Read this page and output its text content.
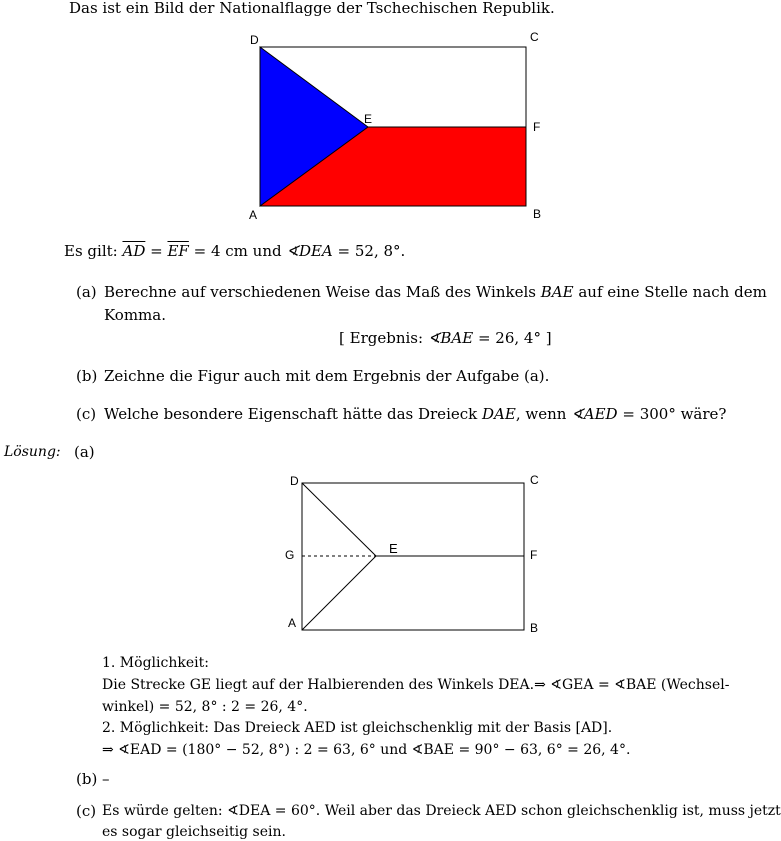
Das ist ein Bild der Nationalflagge der Tschechischen Republik.
D	C
E
F
A	B
Es gilt: $\overline{AD} = \overline{EF} = 4$ cm und ∢DEA = 52, 8°.
(a) Berechne auf verschiedenen Weise das Maß des Winkels BAE auf eine Stelle nach dem
Komma.
[ Ergebnis: ∢BAE = 26, 4° ]
(b) Zeichne die Figur auch mit dem Ergebnis der Aufgabe (a).
(c) Welche besondere Eigenschaft hätte das Dreieck DAE, wenn ∢AED = 300° wäre?
Lösung: (a)
D	C
G	E	F
A	B
1. Möglichkeit:
Die Strecke GE liegt auf der Halbierenden des Winkels DEA.⇒ ∢GEA = ∢BAE (Wechsel-
winkel) = 52, 8° : 2 = 26, 4°.
2. Möglichkeit: Das Dreieck AED ist gleichschenklig mit der Basis [AD].
⇒ ∢EAD = (180° − 52, 8°) : 2 = 63, 6° und ∢BAE = 90° − 63, 6° = 26, 4°.
(b) –
(c) Es würde gelten: ∢DEA = 60°. Weil aber das Dreieck AED schon gleichschenklig ist, muss jetzt
es sogar gleichseitig sein.
